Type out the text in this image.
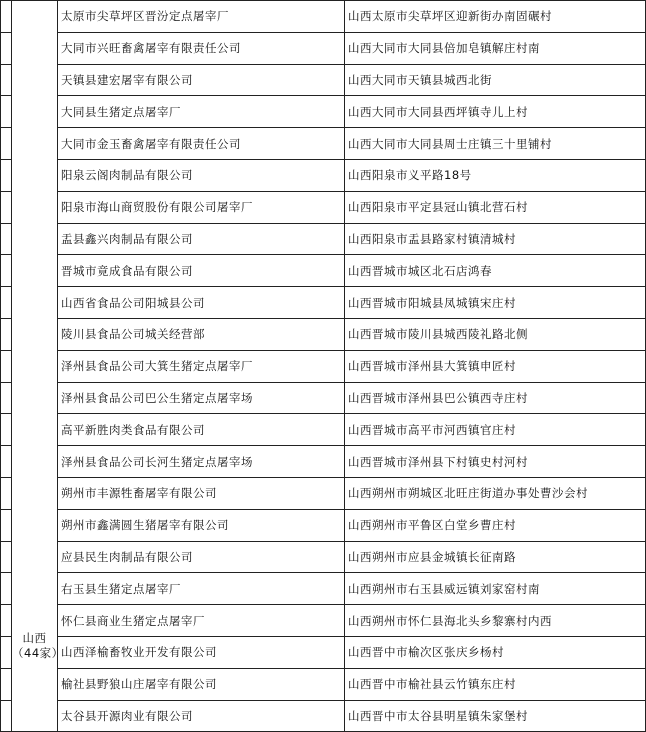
	山西
（44家）	太原市尖草坪区晋汾定点屠宰厂	山西太原市尖草坪区迎新街办南固碾村
		大同市兴旺畜禽屠宰有限责任公司	山西大同市大同县倍加皂镇解庄村南
		天镇县建宏屠宰有限公司	山西大同市天镇县城西北街
		大同县生猪定点屠宰厂	山西大同市大同县西坪镇寺儿上村
		大同市金玉畜禽屠宰有限责任公司	山西大同市大同县周士庄镇三十里铺村
		阳泉云阁肉制品有限公司	山西阳泉市义平路18号
		阳泉市海山商贸股份有限公司屠宰厂	山西阳泉市平定县冠山镇北营石村
		盂县鑫兴肉制品有限公司	山西阳泉市盂县路家村镇清城村
		晋城市竟成食品有限公司	山西晋城市城区北石店鸿春
		山西省食品公司阳城县公司	山西晋城市阳城县凤城镇宋庄村
		陵川县食品公司城关经营部	山西晋城市陵川县城西陵礼路北侧
		泽州县食品公司大箕生猪定点屠宰厂	山西晋城市泽州县大箕镇申匠村
		泽州县食品公司巴公生猪定点屠宰场	山西晋城市泽州县巴公镇西寺庄村
		高平新胜肉类食品有限公司	山西晋城市高平市河西镇官庄村
		泽州县食品公司长河生猪定点屠宰场	山西晋城市泽州县下村镇史村河村
		朔州市丰源牲畜屠宰有限公司	山西朔州市朔城区北旺庄街道办事处曹沙会村
		朔州市鑫满圆生猪屠宰有限公司	山西朔州市平鲁区白堂乡曹庄村
		应县民生肉制品有限公司	山西朔州市应县金城镇长征南路
		右玉县生猪定点屠宰厂	山西朔州市右玉县威远镇刘家窑村南
		怀仁县商业生猪定点屠宰厂	山西朔州市怀仁县海北头乡黎寨村内西
		山西泽榆畜牧业开发有限公司	山西晋中市榆次区张庆乡杨村
		榆社县野狼山庄屠宰有限公司	山西晋中市榆社县云竹镇东庄村
		太谷县开源肉业有限公司	山西晋中市太谷县明星镇朱家堡村
